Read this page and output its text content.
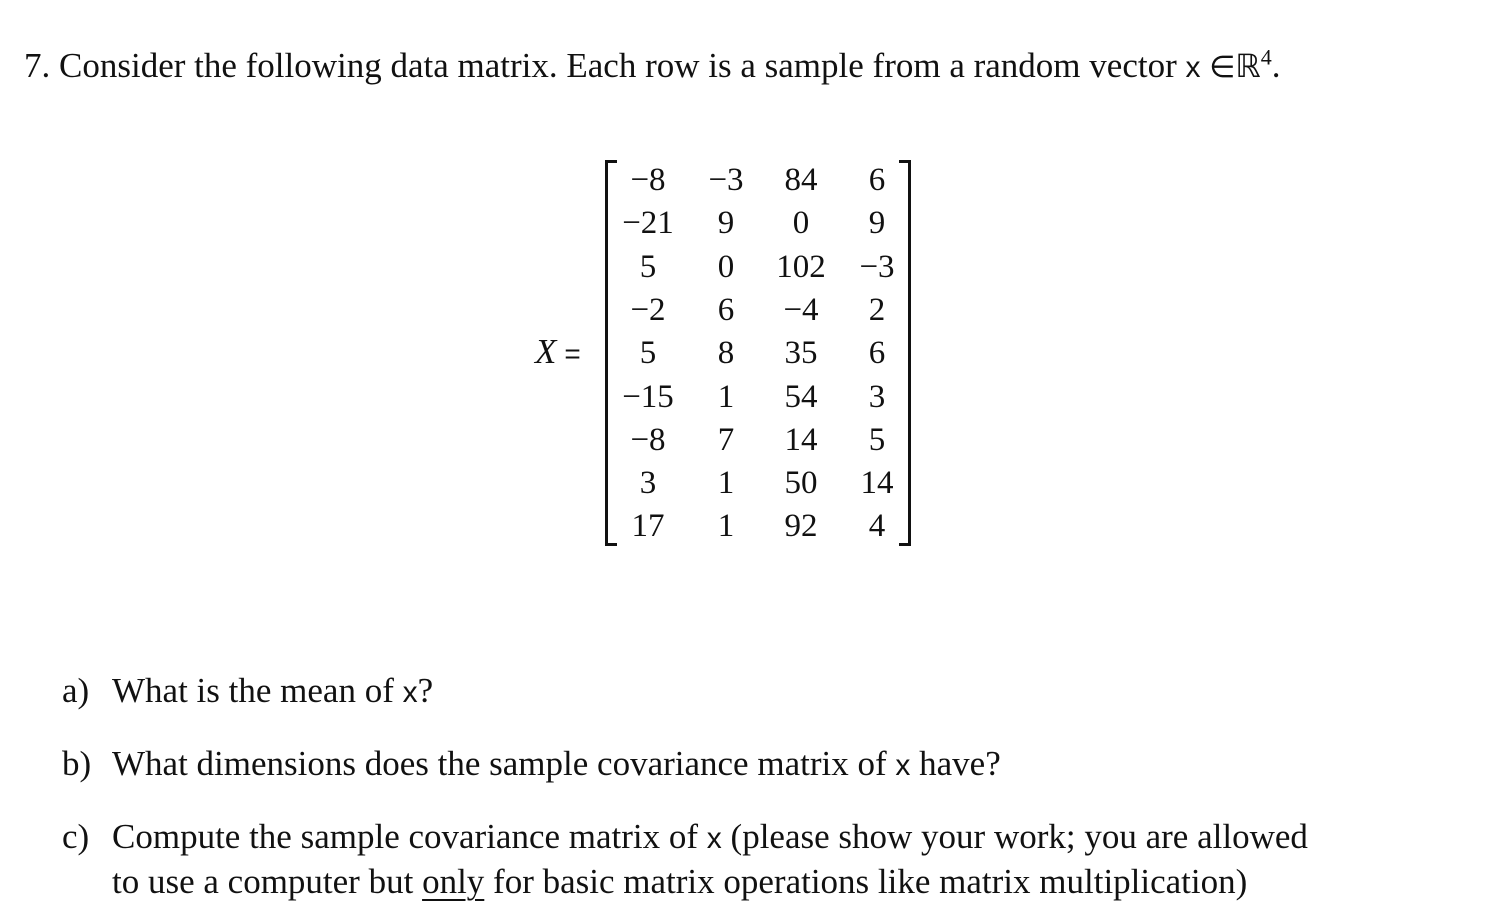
7. Consider the following data matrix. Each row is a sample from a random vector x ∈ℝ$^4$.
X =
−8	−3	84	6
−21	9	0	9
5	0	102	−3
−2	6	−4	2
5	8	35	6
−15	1	54	3
−8	7	14	5
3	1	50	14
17	1	92	4
a) What is the mean of x?
b) What dimensions does the sample covariance matrix of x have?
c) Compute the sample covariance matrix of x (please show your work; you are allowed
to use a computer but only for basic matrix operations like matrix multiplication)
